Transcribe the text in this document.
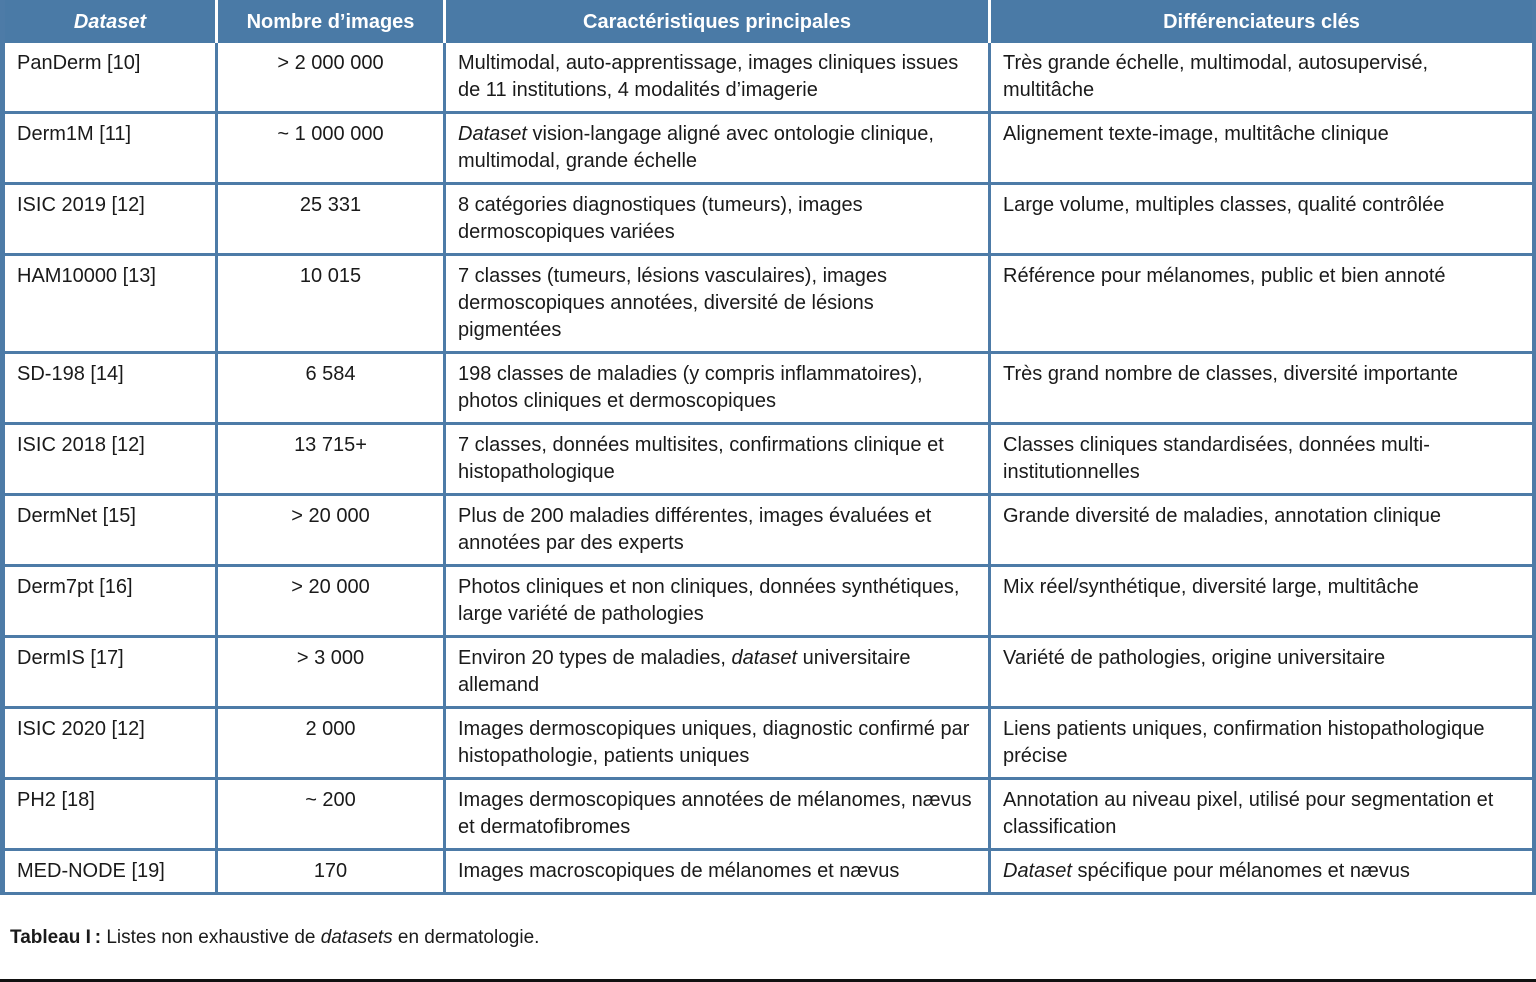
Dataset	Nombre d’images	Caractéristiques principales	Différenciateurs clés
PanDerm [10]	> 2 000 000	Multimodal, auto-apprentissage, images cliniques issues de 11 institutions, 4 modalités d’imagerie	Très grande échelle, multimodal, autosupervisé, multitâche
Derm1M [11]	~ 1 000 000	Dataset vision-langage aligné avec ontologie clinique, multimodal, grande échelle	Alignement texte-image, multitâche clinique
ISIC 2019 [12]	25 331	8 catégories diagnostiques (tumeurs), images dermoscopiques variées	Large volume, multiples classes, qualité contrôlée
HAM10000 [13]	10 015	7 classes (tumeurs, lésions vasculaires), images dermoscopiques annotées, diversité de lésions pigmentées	Référence pour mélanomes, public et bien annoté
SD-198 [14]	6 584	198 classes de maladies (y compris inflammatoires), photos cliniques et dermoscopiques	Très grand nombre de classes, diversité importante
ISIC 2018 [12]	13 715+	7 classes, données multisites, confirmations clinique et histopathologique	Classes cliniques standardisées, données multi-institutionnelles
DermNet [15]	> 20 000	Plus de 200 maladies différentes, images évaluées et annotées par des experts	Grande diversité de maladies, annotation clinique
Derm7pt [16]	> 20 000	Photos cliniques et non cliniques, données synthétiques, large variété de pathologies	Mix réel/synthétique, diversité large, multitâche
DermIS [17]	> 3 000	Environ 20 types de maladies, dataset universitaire allemand	Variété de pathologies, origine universitaire
ISIC 2020 [12]	2 000	Images dermoscopiques uniques, diagnostic confirmé par histopathologie, patients uniques	Liens patients uniques, confirmation histopathologique précise
PH2 [18]	~ 200	Images dermoscopiques annotées de mélanomes, nævus et dermatofibromes	Annotation au niveau pixel, utilisé pour segmentation et classification
MED-NODE [19]	170	Images macroscopiques de mélanomes et nævus	Dataset spécifique pour mélanomes et nævus

Tableau I : Listes non exhaustive de datasets en dermatologie.
